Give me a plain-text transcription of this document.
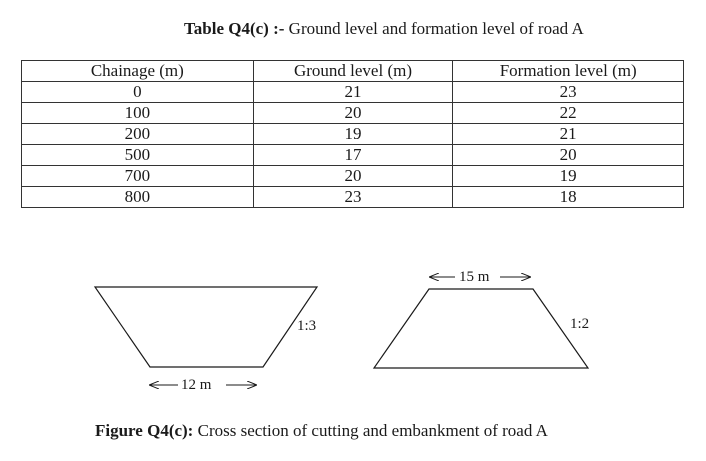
Table Q4(c) :- Ground level and formation level of road A
Chainage (m)	Ground level (m)	Formation level (m)
0	21	23
100	20	22
200	19	21
500	17	20
700	20	19
800	23	18
1:3
12 m
15 m
1:2
Figure Q4(c): Cross section of cutting and embankment of road A
